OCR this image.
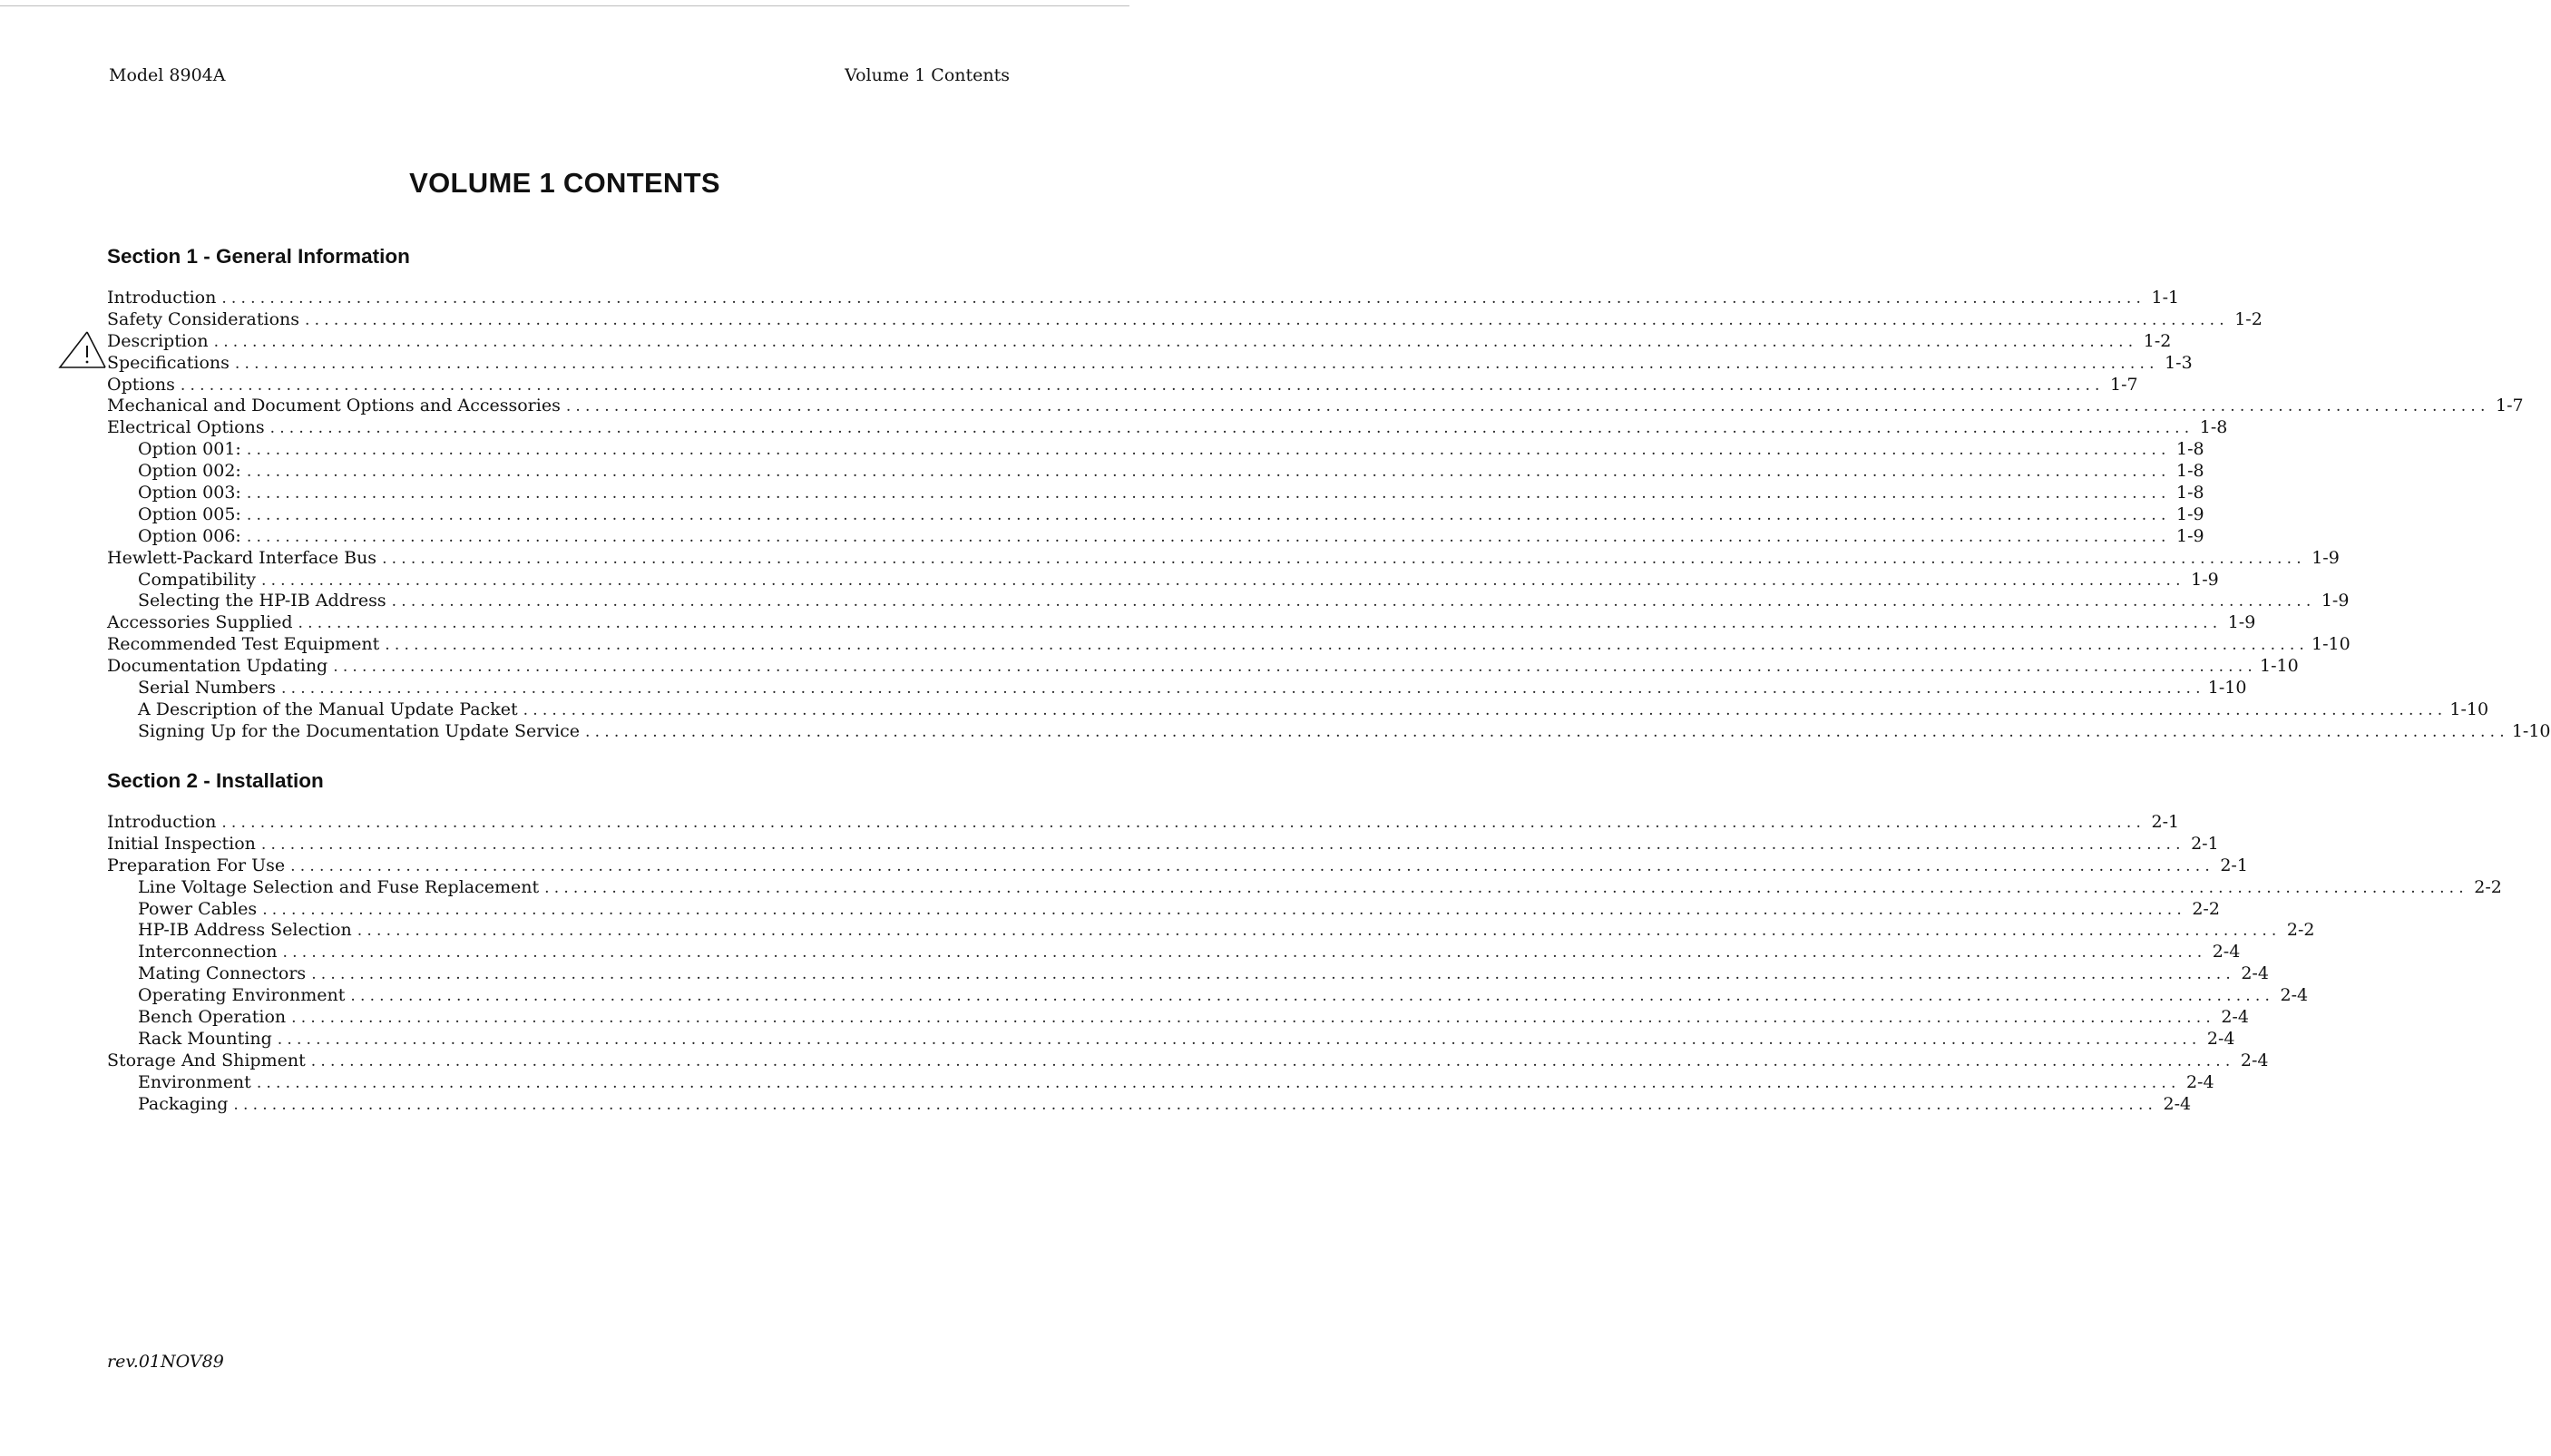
Model 8904A	Volume 1 Contents
VOLUME 1 CONTENTS
Section 1 - General Information
Introduction ........................................................................................................................................................................................................ 1-1
Safety Considerations ........................................................................................................................................................................................................ 1-2
Description ........................................................................................................................................................................................................ 1-2
Specifications ........................................................................................................................................................................................................ 1-3
Options ........................................................................................................................................................................................................ 1-7
Mechanical and Document Options and Accessories ........................................................................................................................................................................................................ 1-7
Electrical Options ........................................................................................................................................................................................................ 1-8
Option 001: ........................................................................................................................................................................................................ 1-8
Option 002: ........................................................................................................................................................................................................ 1-8
Option 003: ........................................................................................................................................................................................................ 1-8
Option 005: ........................................................................................................................................................................................................ 1-9
Option 006: ........................................................................................................................................................................................................ 1-9
Hewlett-Packard Interface Bus ........................................................................................................................................................................................................ 1-9
Compatibility ........................................................................................................................................................................................................ 1-9
Selecting the HP-IB Address ........................................................................................................................................................................................................ 1-9
Accessories Supplied ........................................................................................................................................................................................................ 1-9
Recommended Test Equipment ........................................................................................................................................................................................................ 1-10
Documentation Updating ........................................................................................................................................................................................................ 1-10
Serial Numbers ........................................................................................................................................................................................................ 1-10
A Description of the Manual Update Packet ........................................................................................................................................................................................................ 1-10
Signing Up for the Documentation Update Service ........................................................................................................................................................................................................ 1-10
Section 2 - Installation
Introduction ........................................................................................................................................................................................................ 2-1
Initial Inspection ........................................................................................................................................................................................................ 2-1
Preparation For Use ........................................................................................................................................................................................................ 2-1
Line Voltage Selection and Fuse Replacement ........................................................................................................................................................................................................ 2-2
Power Cables ........................................................................................................................................................................................................ 2-2
HP-IB Address Selection ........................................................................................................................................................................................................ 2-2
Interconnection ........................................................................................................................................................................................................ 2-4
Mating Connectors ........................................................................................................................................................................................................ 2-4
Operating Environment ........................................................................................................................................................................................................ 2-4
Bench Operation ........................................................................................................................................................................................................ 2-4
Rack Mounting ........................................................................................................................................................................................................ 2-4
Storage And Shipment ........................................................................................................................................................................................................ 2-4
Environment ........................................................................................................................................................................................................ 2-4
Packaging ........................................................................................................................................................................................................ 2-4
rev.01NOV89
